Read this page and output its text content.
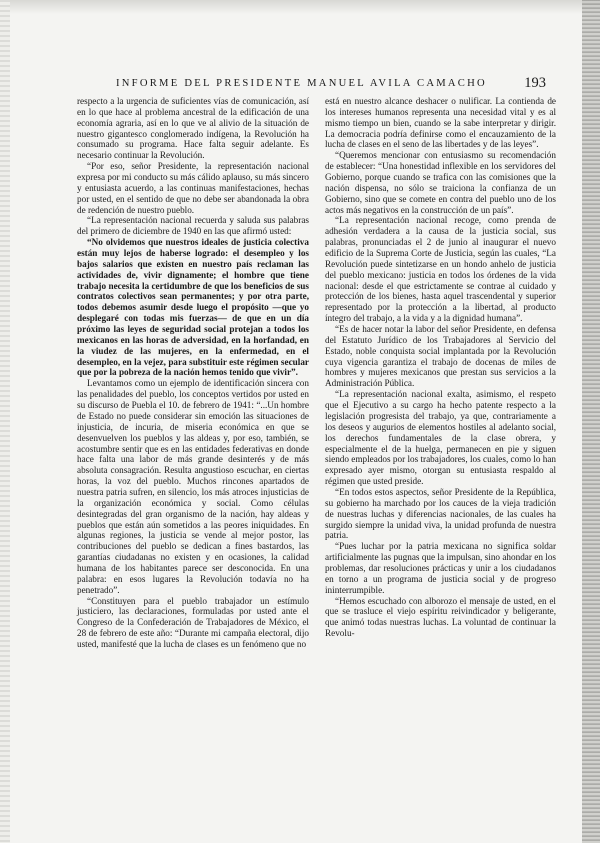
INFORME DEL PRESIDENTE MANUEL AVILA CAMACHO	193

respecto a la urgencia de suficientes vías de comunicación, así en lo que hace al problema ancestral de la edificación de una economía agraria, así en lo que ve al alivio de la situación de nuestro gigantesco conglomerado indígena, la Revolución ha consumado su programa. Hace falta seguir adelante. Es necesario continuar la Revolución.

“Por eso, señor Presidente, la representación nacional expresa por mi conducto su más cálido aplauso, su más sincero y entusiasta acuerdo, a las continuas manifestaciones, hechas por usted, en el sentido de que no debe ser abandonada la obra de redención de nuestro pueblo.

“La representación nacional recuerda y saluda sus palabras del primero de diciembre de 1940 en las que afirmó usted:

“No olvidemos que nuestros ideales de justicia colectiva están muy lejos de haberse logrado: el desempleo y los bajos salarios que existen en nuestro país reclaman las actividades de, vivir dignamente; el hombre que tiene trabajo necesita la certidumbre de que los beneficios de sus contratos colectivos sean permanentes; y por otra parte, todos debemos asumir desde luego el propósito —que yo desplegaré con todas mis fuerzas— de que en un día próximo las leyes de seguridad social protejan a todos los mexicanos en las horas de adversidad, en la horfandad, en la viudez de las mujeres, en la enfermedad, en el desempleo, en la vejez, para substituir este régimen secular que por la pobreza de la nación hemos tenido que vivir”.

Levantamos como un ejemplo de identificación sincera con las penalidades del pueblo, los conceptos vertidos por usted en su discurso de Puebla el 10. de febrero de 1941: “...Un hombre de Estado no puede considerar sin emoción las situaciones de injusticia, de incuria, de miseria económica en que se desenvuelven los pueblos y las aldeas y, por eso, también, se acostumbre sentir que es en las entidades federativas en donde hace falta una labor de más grande desinterés y de más absoluta consagración. Resulta angustioso escuchar, en ciertas horas, la voz del pueblo. Muchos rincones apartados de nuestra patria sufren, en silencio, los más atroces injusticias de la organización económica y social. Como células desintegradas del gran organismo de la nación, hay aldeas y pueblos que están aún sometidos a las peores iniquidades. En algunas regiones, la justicia se vende al mejor postor, las contribuciones del pueblo se dedican a fines bastardos, las garantías ciudadanas no existen y en ocasiones, la calidad humana de los habitantes parece ser desconocida. En una palabra: en esos lugares la Revolución todavía no ha penetrado”.

“Constituyen para el pueblo trabajador un estímulo justiciero, las declaraciones, formuladas por usted ante el Congreso de la Confederación de Trabajadores de México, el 28 de febrero de este año: “Durante mi campaña electoral, dijo usted, manifesté que la lucha de clases es un fenómeno que no

está en nuestro alcance deshacer o nulificar. La contienda de los intereses humanos representa una necesidad vital y es al mismo tiempo un bien, cuando se la sabe interpretar y dirigir. La democracia podría definirse como el encauzamiento de la lucha de clases en el seno de las libertades y de las leyes”.

“Queremos mencionar con entusiasmo su recomendación de establecer: “Una honestidad inflexible en los servidores del Gobierno, porque cuando se trafica con las comisiones que la nación dispensa, no sólo se traiciona la confianza de un Gobierno, sino que se comete en contra del pueblo uno de los actos más negativos en la construcción de un país”.

“La representación nacional recoge, como prenda de adhesión verdadera a la causa de la justicia social, sus palabras, pronunciadas el 2 de junio al inaugurar el nuevo edificio de la Suprema Corte de Justicia, según las cuales, “La Revolución puede sintetizarse en un hondo anhelo de justicia del pueblo mexicano: justicia en todos los órdenes de la vida nacional: desde el que estrictamente se contrae al cuidado y protección de los bienes, hasta aquel trascendental y superior representado por la protección a la libertad, al producto íntegro del trabajo, a la vida y a la dignidad humana”.

“Es de hacer notar la labor del señor Presidente, en defensa del Estatuto Jurídico de los Trabajadores al Servicio del Estado, noble conquista social implantada por la Revolución cuya vigencia garantiza el trabajo de docenas de miles de hombres y mujeres mexicanos que prestan sus servicios a la Administración Pública.

“La representación nacional exalta, asimismo, el respeto que el Ejecutivo a su cargo ha hecho patente respecto a la legislación progresista del trabajo, ya que, contrariamente a los deseos y augurios de elementos hostiles al adelanto social, los derechos fundamentales de la clase obrera, y especialmente el de la huelga, permanecen en pie y siguen siendo empleados por los trabajadores, los cuales, como lo han expresado ayer mismo, otorgan su entusiasta respaldo al régimen que usted preside.

“En todos estos aspectos, señor Presidente de la República, su gobierno ha marchado por los cauces de la vieja tradición de nuestras luchas y diferencias nacionales, de las cuales ha surgido siempre la unidad viva, la unidad profunda de nuestra patria.

“Pues luchar por la patria mexicana no significa soldar artificialmente las pugnas que la impulsan, sino ahondar en los problemas, dar resoluciones prácticas y unir a los ciudadanos en torno a un programa de justicia social y de progreso ininterrumpible.

“Hemos escuchado con alborozo el mensaje de usted, en el que se trasluce el viejo espíritu reivindicador y beligerante, que animó todas nuestras luchas. La voluntad de continuar la Revolu-
